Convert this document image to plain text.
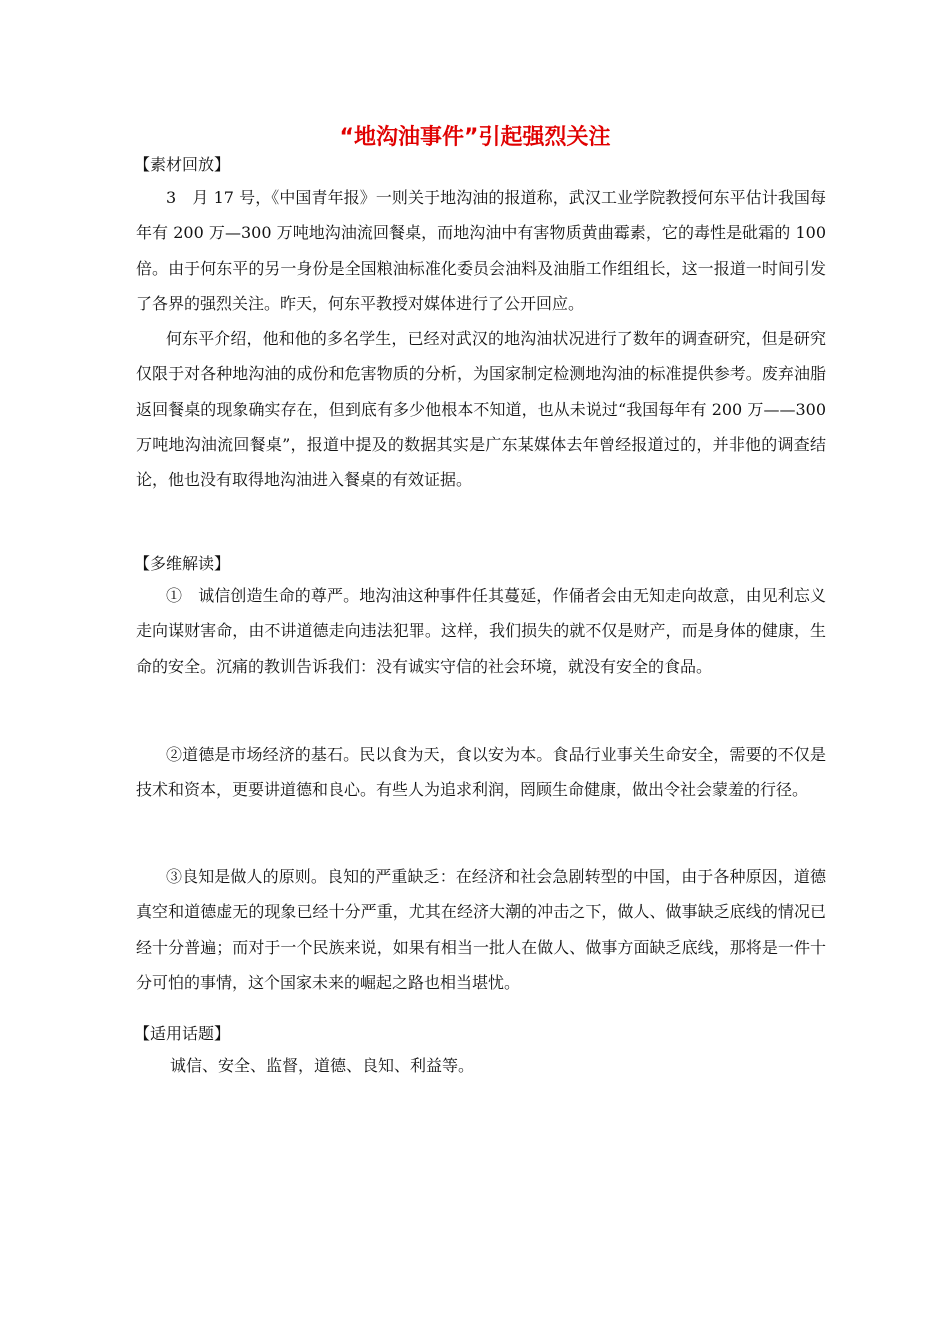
“地沟油事件”引起强烈关注
【素材回放】

3　月 17 号，《中国青年报》一则关于地沟油的报道称，武汉工业学院教授何东平估计我国每年有 200 万—300 万吨地沟油流回餐桌，而地沟油中有害物质黄曲霉素，它的毒性是砒霜的 100 倍。由于何东平的另一身份是全国粮油标准化委员会油料及油脂工作组组长，这一报道一时间引发了各界的强烈关注。昨天，何东平教授对媒体进行了公开回应。

何东平介绍，他和他的多名学生，已经对武汉的地沟油状况进行了数年的调查研究，但是研究仅限于对各种地沟油的成份和危害物质的分析，为国家制定检测地沟油的标准提供参考。废弃油脂返回餐桌的现象确实存在，但到底有多少他根本不知道，也从未说过“我国每年有 200 万——300 万吨地沟油流回餐桌”，报道中提及的数据其实是广东某媒体去年曾经报道过的，并非他的调查结论，他也没有取得地沟油进入餐桌的有效证据。

【多维解读】

①　诚信创造生命的尊严。地沟油这种事件任其蔓延，作俑者会由无知走向故意，由见利忘义走向谋财害命，由不讲道德走向违法犯罪。这样，我们损失的就不仅是财产，而是身体的健康，生命的安全。沉痛的教训告诉我们：没有诚实守信的社会环境，就没有安全的食品。

②道德是市场经济的基石。民以食为天，食以安为本。食品行业事关生命安全，需要的不仅是技术和资本，更要讲道德和良心。有些人为追求利润，罔顾生命健康，做出令社会蒙羞的行径。

③良知是做人的原则。良知的严重缺乏：在经济和社会急剧转型的中国，由于各种原因，道德真空和道德虚无的现象已经十分严重，尤其在经济大潮的冲击之下，做人、做事缺乏底线的情况已经十分普遍；而对于一个民族来说，如果有相当一批人在做人、做事方面缺乏底线，那将是一件十分可怕的事情，这个国家未来的崛起之路也相当堪忧。

【适用话题】
诚信、安全、监督，道德、良知、利益等。
